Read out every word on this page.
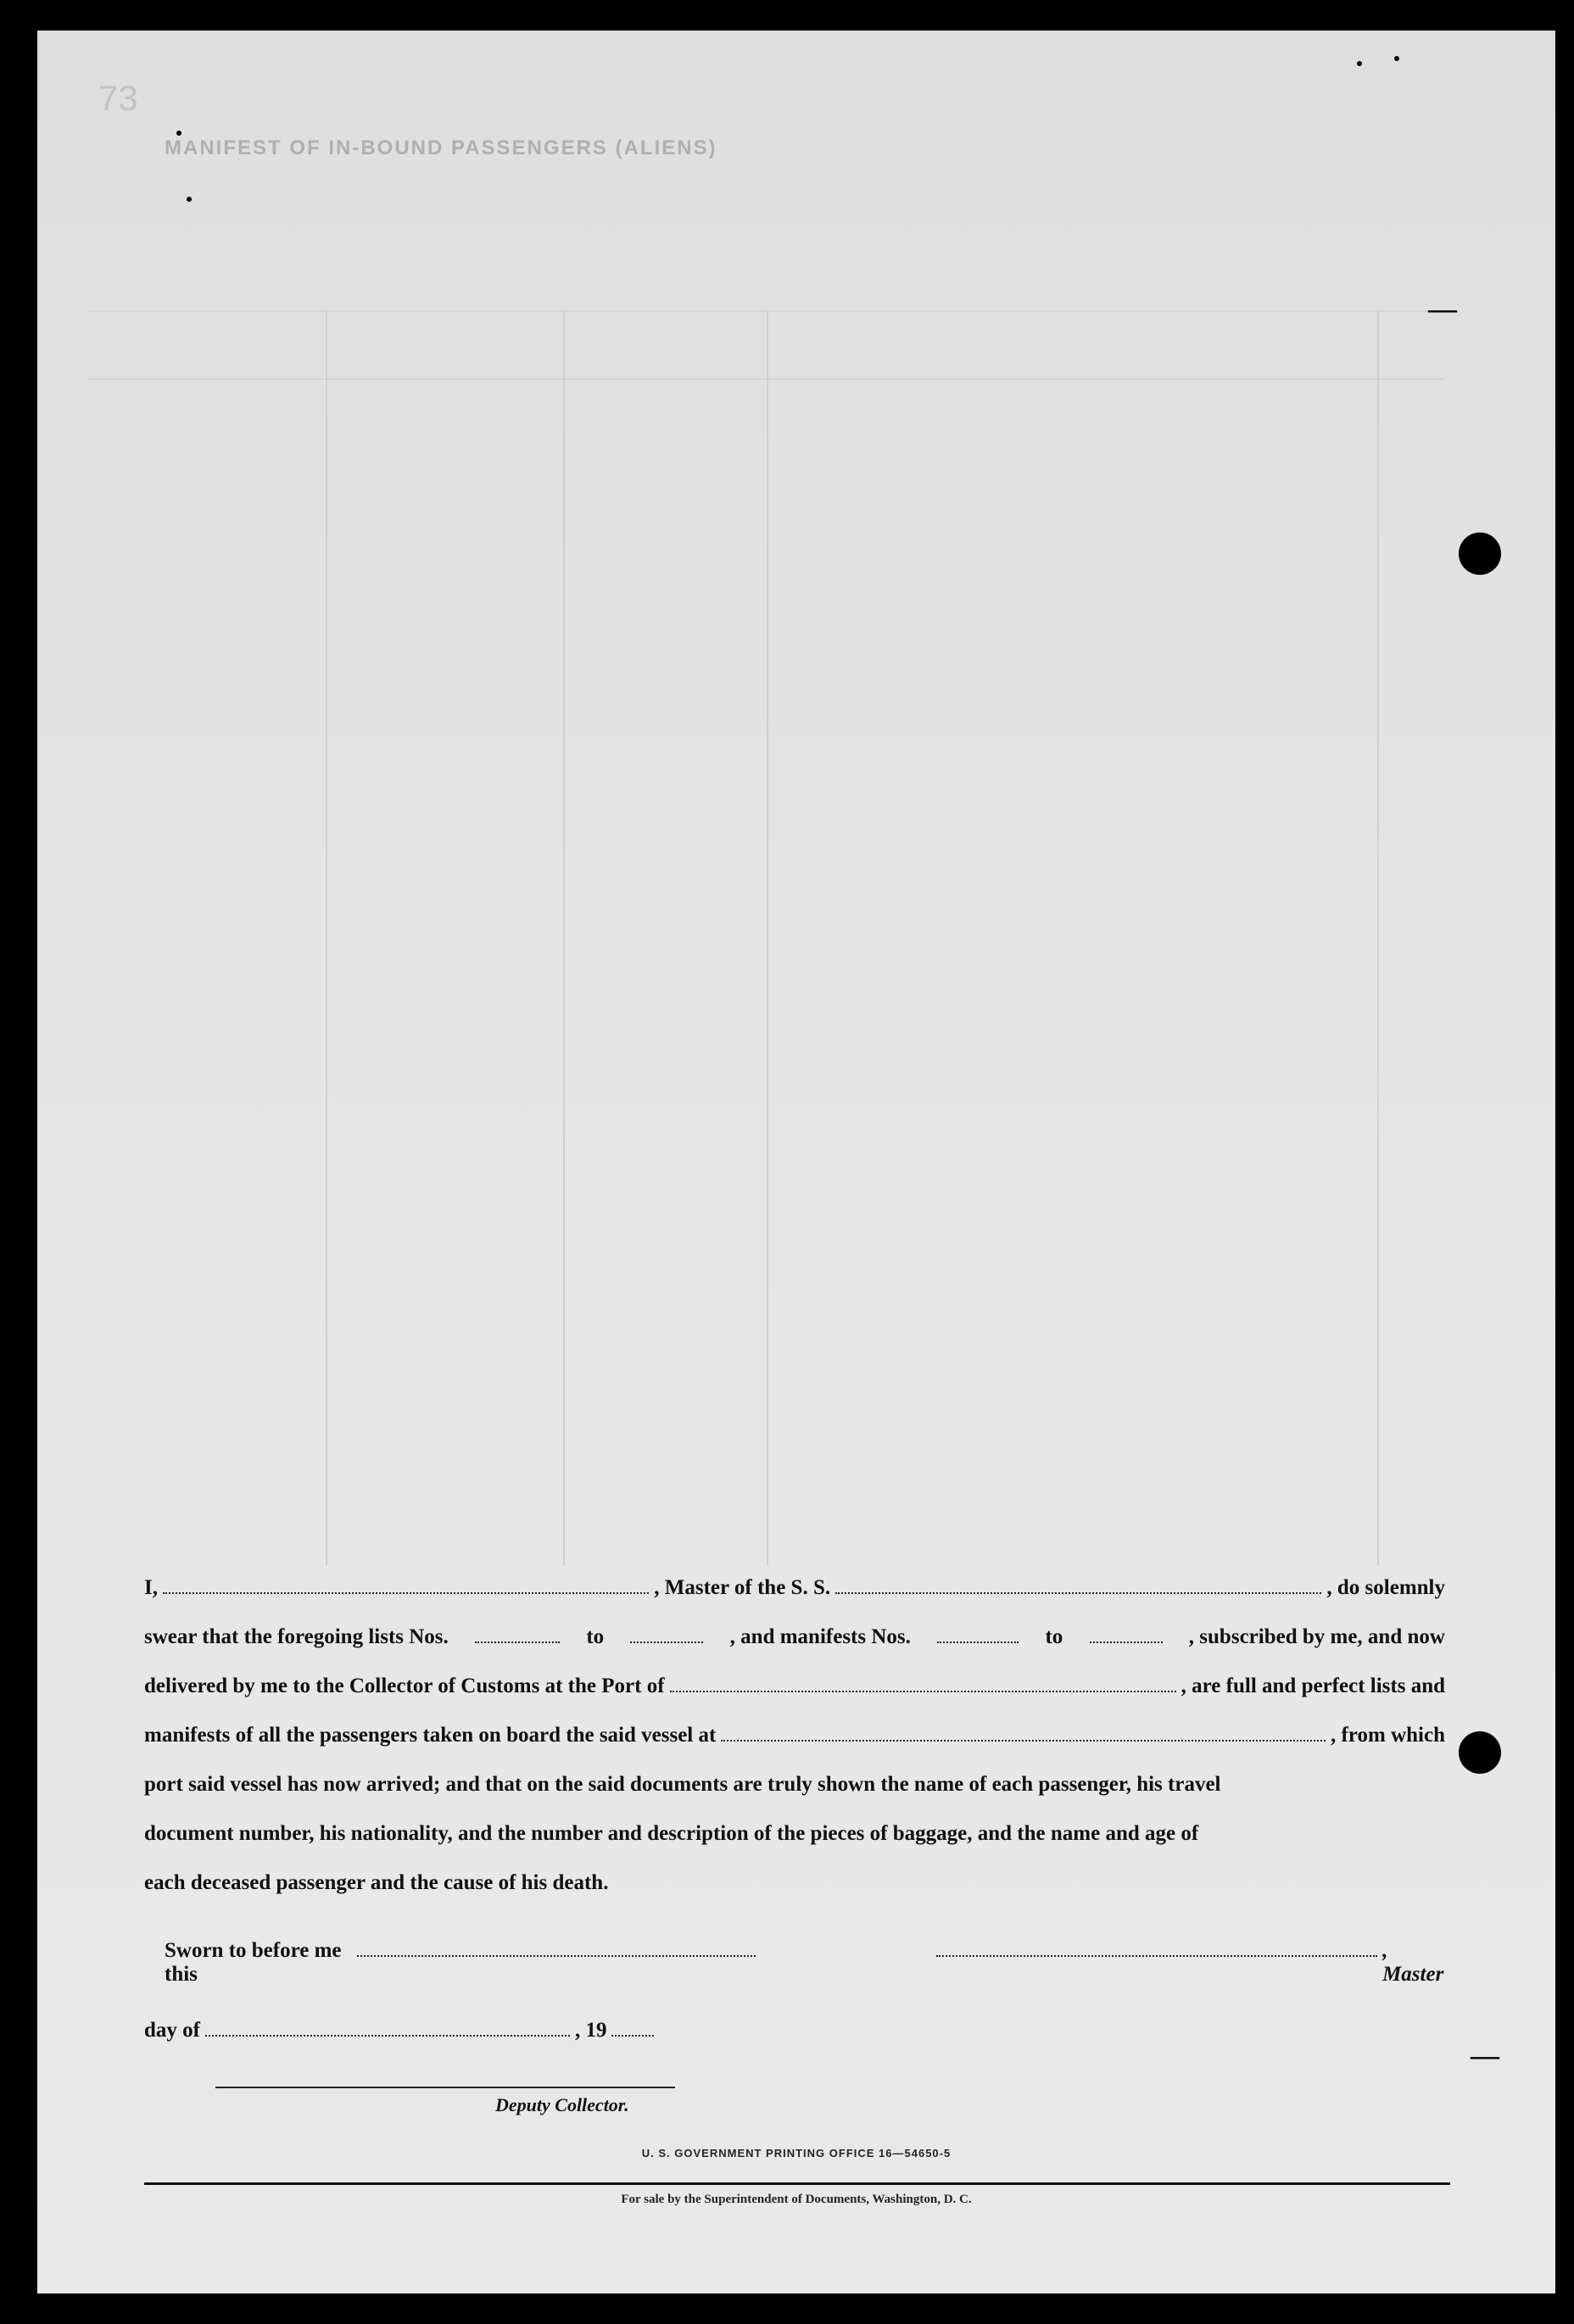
73
MANIFEST OF IN-BOUND PASSENGERS (ALIENS)
—
—
I,	, Master of the S. S.	, do solemnly
swear that the foregoing lists Nos.	to	, and manifests Nos.	to	, subscribed by me, and now
delivered by me to the Collector of Customs at the Port of	, are full and perfect lists and
manifests of all the passengers taken on board the said vessel at	, from which
port said vessel has now arrived; and that on the said documents are truly shown the name of each passenger, his travel
document number, his nationality, and the number and description of the pieces of baggage, and the name and age of
each deceased passenger and the cause of his death.
Sworn to before me this
, Master
day of	, 19
Deputy Collector.
U. S. GOVERNMENT PRINTING OFFICE 16—54650-5
For sale by the Superintendent of Documents, Washington, D. C.
